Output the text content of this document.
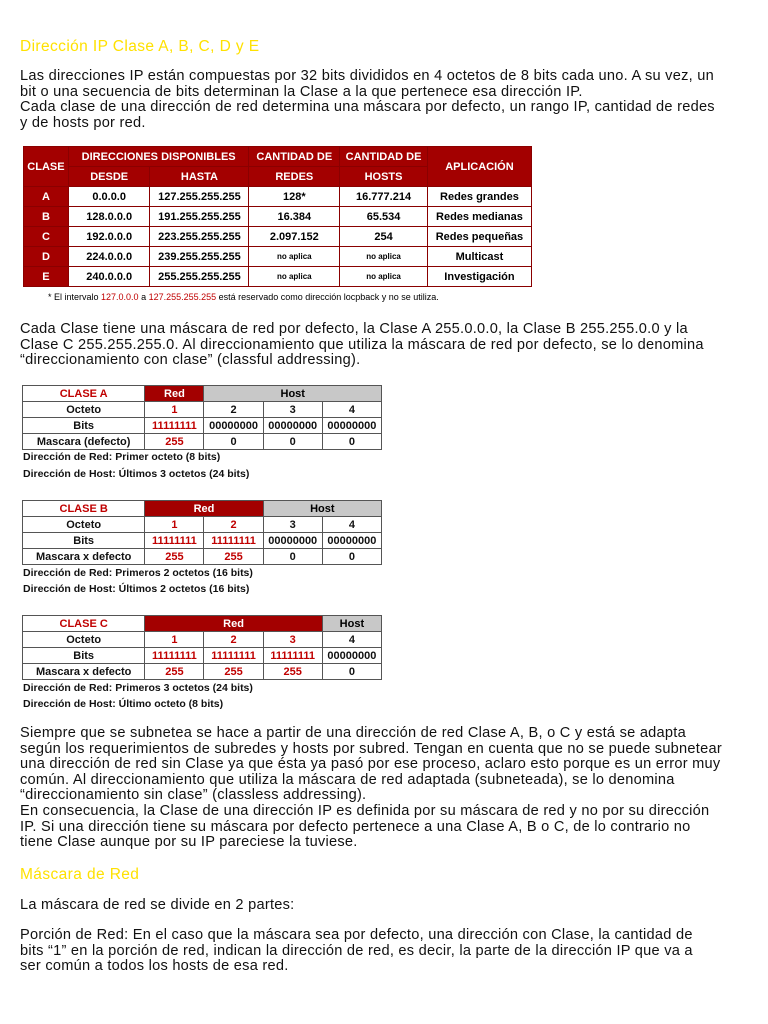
Dirección IP Clase A, B, C, D y E

Las direcciones IP están compuestas por 32 bits divididos en 4 octetos de 8 bits cada uno. A su vez, un
bit o una secuencia de bits determinan la Clase a la que pertenece esa dirección IP.
Cada clase de una dirección de red determina una máscara por defecto, un rango IP, cantidad de redes
y de hosts por red.

CLASE	DIRECCIONES DISPONIBLES		CANTIDAD DE	CANTIDAD DE	APLICACIÓN
	DESDE	HASTA	REDES	HOSTS	
A	0.0.0.0	127.255.255.255	128*	16.777.214	Redes grandes
B	128.0.0.0	191.255.255.255	16.384	65.534	Redes medianas
C	192.0.0.0	223.255.255.255	2.097.152	254	Redes pequeñas
D	224.0.0.0	239.255.255.255	no aplica	no aplica	Multicast
E	240.0.0.0	255.255.255.255	no aplica	no aplica	Investigación
* El intervalo 127.0.0.0 a 127.255.255.255 está reservado como dirección locpback y no se utiliza.

Cada Clase tiene una máscara de red por defecto, la Clase A 255.0.0.0, la Clase B 255.255.0.0 y la
Clase C 255.255.255.0. Al direccionamiento que utiliza la máscara de red por defecto, se lo denomina
“direccionamiento con clase” (classful addressing).

CLASE A	Red	Host		
Octeto	1	2	3	4
Bits	11111111	00000000	00000000	00000000
Mascara (defecto)	255	0	0	0
Dirección de Red: Primer octeto (8 bits)
Dirección de Host: Últimos 3 octetos (24 bits)
CLASE B	Red		Host	
Octeto	1	2	3	4
Bits	11111111	11111111	00000000	00000000
Mascara x defecto	255	255	0	0
Dirección de Red: Primeros 2 octetos (16 bits)
Dirección de Host: Últimos 2 octetos (16 bits)
CLASE C	Red			Host
Octeto	1	2	3	4
Bits	11111111	11111111	11111111	00000000
Mascara x defecto	255	255	255	0
Dirección de Red: Primeros 3 octetos (24 bits)
Dirección de Host: Último octeto (8 bits)

Siempre que se subnetea se hace a partir de una dirección de red Clase A, B, o C y está se adapta
según los requerimientos de subredes y hosts por subred. Tengan en cuenta que no se puede subnetear
una dirección de red sin Clase ya que ésta ya pasó por ese proceso, aclaro esto porque es un error muy
común. Al direccionamiento que utiliza la máscara de red adaptada (subneteada), se lo denomina
“direccionamiento sin clase” (classless addressing).
En consecuencia, la Clase de una dirección IP es definida por su máscara de red y no por su dirección
IP. Si una dirección tiene su máscara por defecto pertenece a una Clase A, B o C, de lo contrario no
tiene Clase aunque por su IP pareciese la tuviese.

Máscara de Red

La máscara de red se divide en 2 partes:

Porción de Red: En el caso que la máscara sea por defecto, una dirección con Clase, la cantidad de
bits “1” en la porción de red, indican la dirección de red, es decir, la parte de la dirección IP que va a
ser común a todos los hosts de esa red.
